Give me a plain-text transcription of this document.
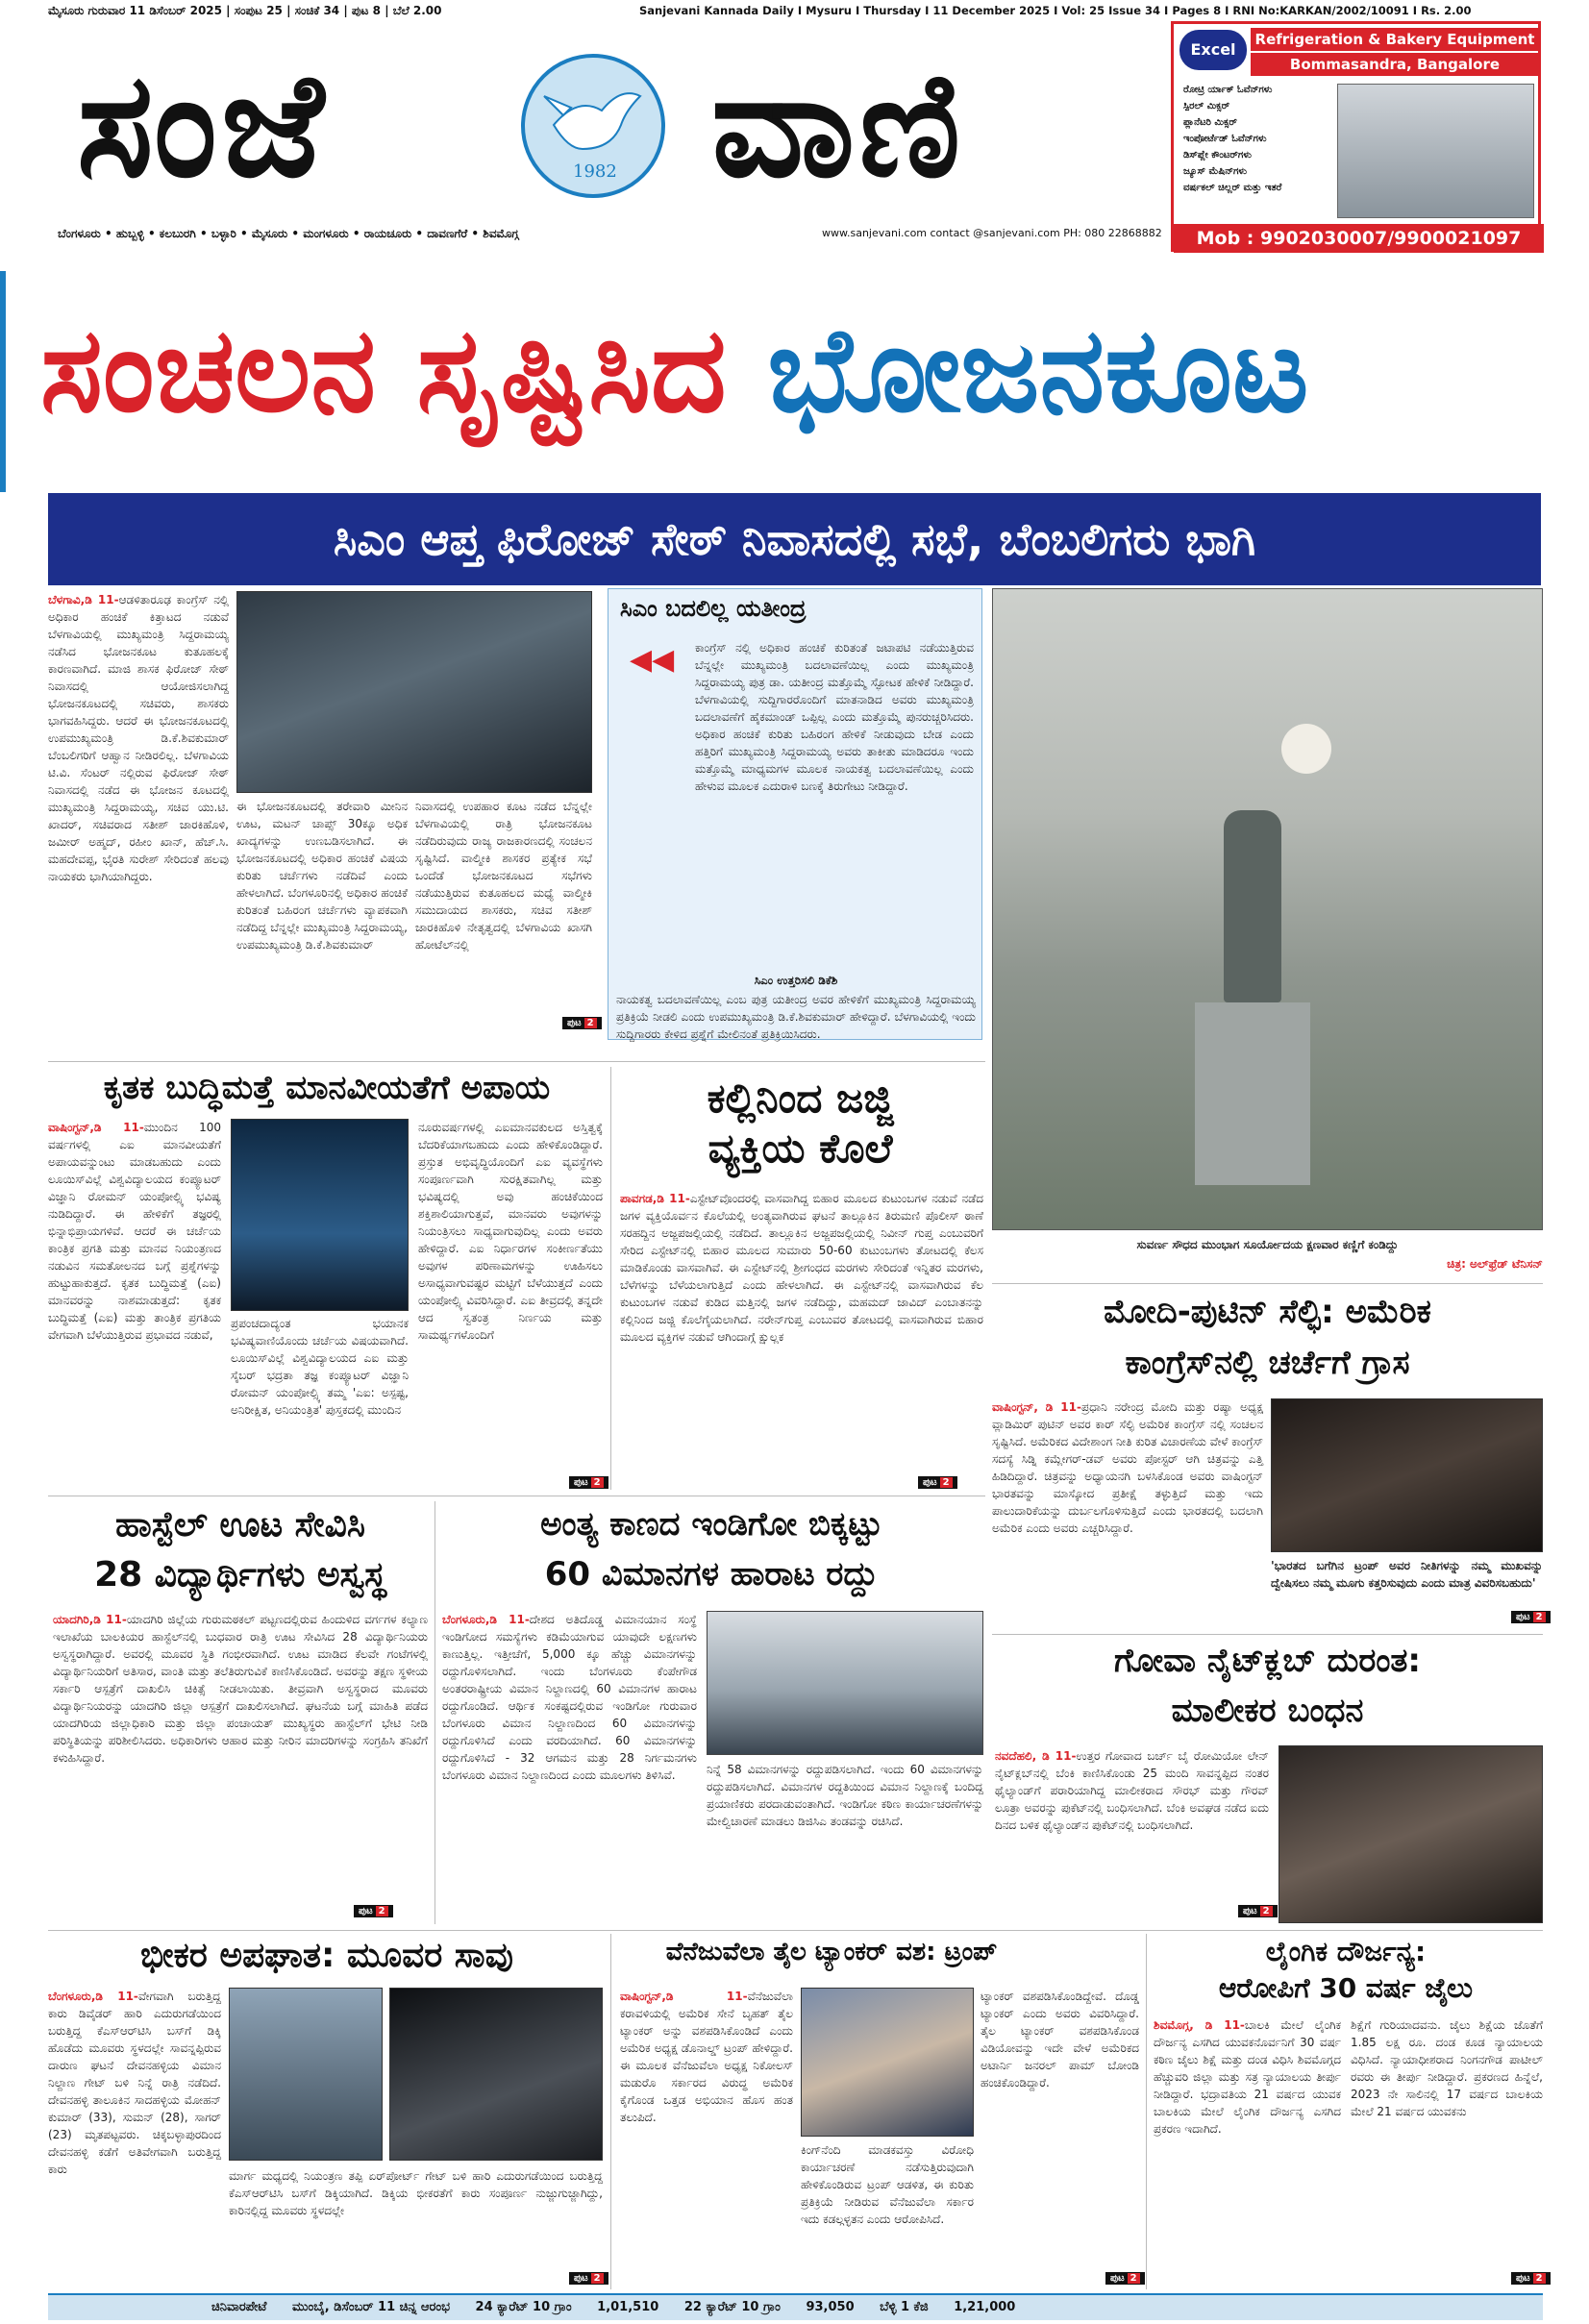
ಮೈಸೂರು ಗುರುವಾರ 11 ಡಿಸೆಂಬರ್ 2025 | ಸಂಪುಟ 25 | ಸಂಚಿಕೆ 34 | ಪುಟ 8 | ಬೆಲೆ 2.00	Sanjevani Kannada Daily I Mysuru I Thursday I 11 December 2025 I Vol: 25 Issue 34 I Pages 8 I RNI No:KARKAN/2002/10091 I Rs. 2.00
ಸಂಜೆ	1982 ವಾಣಿ
ಬೆಂಗಳೂರು • ಹುಬ್ಬಳ್ಳಿ • ಕಲಬುರಗಿ • ಬಳ್ಳಾರಿ • ಮೈಸೂರು • ಮಂಗಳೂರು • ರಾಯಚೂರು • ದಾವಣಗೆರೆ • ಶಿವಮೊಗ್ಗ	www.sanjevani.com contact @sanjevani.com PH: 080 22868882
Excel
Refrigeration & Bakery Equipment
Bommasandra, Bangalore
ರೋಟ್ರಿ ರ್ಯಾಕ್ ಓವೆನ್‌ಗಳು
ಸ್ಪಿರಲ್ ಮಿಕ್ಸರ್
ಪ್ಲಾನೆಟರಿ ಮಿಕ್ಸರ್
ಇಂಪೋರ್ಟೆಡ್ ಓವೆನ್‌ಗಳು
ಡಿಸ್‌ಪ್ಲೇ ಕೌಂಟರ್‌ಗಳು
ಜ್ಯೂಸ್ ಮೆಷಿನ್‌ಗಳು
ವರ್ಷಕಲ್ ಚಿಲ್ಲರ್ ಮತ್ತು ಇತರೆ
Mob : 9902030007/9900021097
ಸಂಚಲನ ಸೃಷ್ಟಿಸಿದ ಭೋಜನಕೂಟ
ಸಿಎಂ ಆಪ್ತ ಫಿರೋಜ್ ಸೇಠ್ ನಿವಾಸದಲ್ಲಿ ಸಭೆ, ಬೆಂಬಲಿಗರು ಭಾಗಿ
ಬೆಳಗಾವಿ,ಡಿ 11-ಆಡಳಿತಾರೂಢ ಕಾಂಗ್ರೆಸ್ ನಲ್ಲಿ ಅಧಿಕಾರ ಹಂಚಿಕೆ ಕಿತ್ತಾಟದ ನಡುವೆ ಬೆಳಗಾವಿಯಲ್ಲಿ ಮುಖ್ಯಮಂತ್ರಿ ಸಿದ್ದರಾಮಯ್ಯ ನಡೆಸಿದ ಭೋಜನಕೂಟ ಕುತೂಹಲಕ್ಕೆ ಕಾರಣವಾಗಿದೆ. ಮಾಜಿ ಶಾಸಕ ಫಿರೋಜ್ ಸೇಠ್ ನಿವಾಸದಲ್ಲಿ ಆಯೋಜಿಸಲಾಗಿದ್ದ ಭೋಜನಕೂಟದಲ್ಲಿ ಸಚಿವರು, ಶಾಸಕರು ಭಾಗವಹಿಸಿದ್ದರು. ಆದರೆ ಈ ಭೋಜನಕೂಟದಲ್ಲಿ ಉಪಮುಖ್ಯಮಂತ್ರಿ ಡಿ.ಕೆ.ಶಿವಕುಮಾರ್ ಬೆಂಬಲಿಗರಿಗೆ ಆಹ್ವಾನ ನೀಡಿರಲಿಲ್ಲ. ಬೆಳಗಾವಿಯ ಟಿ.ವಿ. ಸೆಂಟರ್ ನಲ್ಲಿರುವ ಫಿರೋಜ್ ಸೇಠ್ ನಿವಾಸದಲ್ಲಿ ನಡೆದ ಈ ಭೋಜನ ಕೂಟದಲ್ಲಿ ಮುಖ್ಯಮಂತ್ರಿ ಸಿದ್ದರಾಮಯ್ಯ, ಸಚಿವ ಯು.ಟಿ. ಖಾದರ್, ಸಚಿವರಾದ ಸತೀಶ್ ಜಾರಕಿಹೊಳಿ, ಜಮೀರ್ ಅಹ್ಮದ್, ರಹೀಂ ಖಾನ್, ಹೆಚ್.ಸಿ. ಮಹದೇವಪ್ಪ, ಭೈರತಿ ಸುರೇಶ್ ಸೇರಿದಂತೆ ಹಲವು ನಾಯಕರು ಭಾಗಿಯಾಗಿದ್ದರು.
ಈ ಭೋಜನಕೂಟದಲ್ಲಿ ತರೇವಾರಿ ಮೀನಿನ ಊಟ, ಮಟನ್ ಚಾಪ್ಸ್ 30ಕ್ಕೂ ಅಧಿಕ ಖಾದ್ಯಗಳನ್ನು ಉಣಬಡಿಸಲಾಗಿದೆ. ಈ ಭೋಜನಕೂಟದಲ್ಲಿ ಅಧಿಕಾರ ಹಂಚಿಕೆ ವಿಷಯ ಕುರಿತು ಚರ್ಚೆಗಳು ನಡೆದಿವೆ ಎಂದು ಹೇಳಲಾಗಿದೆ. ಬೆಂಗಳೂರಿನಲ್ಲಿ ಅಧಿಕಾರ ಹಂಚಿಕೆ ಕುರಿತಂತೆ ಬಹಿರಂಗ ಚರ್ಚೆಗಳು ವ್ಯಾಪಕವಾಗಿ ನಡೆದಿದ್ದ ಬೆನ್ನಲ್ಲೇ ಮುಖ್ಯಮಂತ್ರಿ ಸಿದ್ದರಾಮಯ್ಯ, ಉಪಮುಖ್ಯಮಂತ್ರಿ ಡಿ.ಕೆ.ಶಿವಕುಮಾರ್
ನಿವಾಸದಲ್ಲಿ ಉಪಹಾರ ಕೂಟ ನಡೆದ ಬೆನ್ನಲ್ಲೇ ಬೆಳಗಾವಿಯಲ್ಲಿ ರಾತ್ರಿ ಭೋಜನಕೂಟ ನಡೆದಿರುವುದು ರಾಜ್ಯ ರಾಜಕಾರಣದಲ್ಲಿ ಸಂಚಲನ ಸೃಷ್ಟಿಸಿದೆ. ವಾಲ್ಮೀಕಿ ಶಾಸಕರ ಪ್ರತ್ಯೇಕ ಸಭೆ ಒಂದೆಡೆ ಭೋಜನಕೂಟದ ಸಭೆಗಳು ನಡೆಯುತ್ತಿರುವ ಕುತೂಹಲದ ಮಧ್ಯೆ ವಾಲ್ಮೀಕಿ ಸಮುದಾಯದ ಶಾಸಕರು, ಸಚಿವ ಸತೀಶ್ ಜಾರಕಿಹೊಳಿ ನೇತೃತ್ವದಲ್ಲಿ ಬೆಳಗಾವಿಯ ಖಾಸಗಿ ಹೋಟೆಲ್‌ನಲ್ಲಿ
ಪುಟ 2
ಸಿಎಂ ಬದಲಿಲ್ಲ ಯತೀಂದ್ರ
◀◀ ಕಾಂಗ್ರೆಸ್ ನಲ್ಲಿ ಅಧಿಕಾರ ಹಂಚಿಕೆ ಕುರಿತಂತೆ ಜಟಾಪಟಿ ನಡೆಯುತ್ತಿರುವ ಬೆನ್ನಲ್ಲೇ ಮುಖ್ಯಮಂತ್ರಿ ಬದಲಾವಣೆಯಿಲ್ಲ ಎಂದು ಮುಖ್ಯಮಂತ್ರಿ ಸಿದ್ದರಾಮಯ್ಯ ಪುತ್ರ ಡಾ. ಯತೀಂದ್ರ ಮತ್ತೊಮ್ಮೆ ಸ್ಫೋಟಕ ಹೇಳಿಕೆ ನೀಡಿದ್ದಾರೆ. ಬೆಳಗಾವಿಯಲ್ಲಿ ಸುದ್ದಿಗಾರರೊಂದಿಗೆ ಮಾತನಾಡಿದ ಅವರು ಮುಖ್ಯಮಂತ್ರಿ ಬದಲಾವಣೆಗೆ ಹೈಕಮಾಂಡ್ ಒಪ್ಪಿಲ್ಲ ಎಂದು ಮತ್ತೊಮ್ಮೆ ಪುನರುಚ್ಚರಿಸಿದರು. ಅಧಿಕಾರ ಹಂಚಿಕೆ ಕುರಿತು ಬಹಿರಂಗ ಹೇಳಿಕೆ ನೀಡುವುದು ಬೇಡ ಎಂದು ಹತ್ತಿರಿಗೆ ಮುಖ್ಯಮಂತ್ರಿ ಸಿದ್ದರಾಮಯ್ಯ ಅವರು ತಾಕೀತು ಮಾಡಿದರೂ ಇಂದು ಮತ್ತೊಮ್ಮೆ ಮಾಧ್ಯಮಗಳ ಮೂಲಕ ನಾಯಕತ್ವ ಬದಲಾವಣೆಯಿಲ್ಲ ಎಂದು ಹೇಳುವ ಮೂಲಕ ಎದುರಾಳಿ ಬಣಕ್ಕೆ ತಿರುಗೇಟು ನೀಡಿದ್ದಾರೆ.
ಸಿಎಂ ಉತ್ತರಿಸಲಿ ಡಿಕೆಶಿ
ನಾಯಕತ್ವ ಬದಲಾವಣೆಯಿಲ್ಲ ಎಂಬ ಪುತ್ರ ಯತೀಂದ್ರ ಅವರ ಹೇಳಿಕೆಗೆ ಮುಖ್ಯಮಂತ್ರಿ ಸಿದ್ದರಾಮಯ್ಯ ಪ್ರತಿಕ್ರಿಯೆ ನೀಡಲಿ ಎಂದು ಉಪಮುಖ್ಯಮಂತ್ರಿ ಡಿ.ಕೆ.ಶಿವಕುಮಾರ್ ಹೇಳಿದ್ದಾರೆ. ಬೆಳಗಾವಿಯಲ್ಲಿ ಇಂದು ಸುದ್ದಿಗಾರರು ಕೇಳಿದ ಪ್ರಶ್ನೆಗೆ ಮೇಲಿನಂತೆ ಪ್ರತಿಕ್ರಿಯಿಸಿದರು.
ಸುವರ್ಣ ಸೌಧದ ಮುಂಭಾಗ ಸೂರ್ಯೋದಯ ಕ್ಷಣವಾರ ಕಣ್ಣಿಗೆ ಕಂಡಿದ್ದು
ಚಿತ್ರ: ಅಲ್‌ಫ್ರೆಡ್ ಟೆನಿಸನ್
ಕೃತಕ ಬುದ್ಧಿಮತ್ತೆ ಮಾನವೀಯತೆಗೆ ಅಪಾಯ
ವಾಷಿಂಗ್ಟನ್,ಡಿ 11-ಮುಂದಿನ 100 ವರ್ಷಗಳಲ್ಲಿ ಎಐ ಮಾನವೀಯತೆಗೆ ಅಪಾಯವನ್ನುಂಟು ಮಾಡಬಹುದು ಎಂದು ಲೂಯಿಸ್‌ವಿಲ್ಲೆ ವಿಶ್ವವಿದ್ಯಾಲಯದ ಕಂಪ್ಯೂಟರ್ ವಿಜ್ಞಾನಿ ರೋಮನ್ ಯಂಪೋಲ್ಸ್ಕಿ ಭವಿಷ್ಯ ನುಡಿದಿದ್ದಾರೆ. ಈ ಹೇಳಿಕೆಗೆ ತಜ್ಞರಲ್ಲಿ ಭಿನ್ನಾಭಿಪ್ರಾಯಗಳಿವೆ. ಆದರೆ ಈ ಚರ್ಚೆಯ ಕಾಂತ್ರಿಕ ಪ್ರಗತಿ ಮತ್ತು ಮಾನವ ನಿಯಂತ್ರಣದ ನಡುವಿನ ಸಮತೋಲನದ ಬಗ್ಗೆ ಪ್ರಶ್ನೆಗಳನ್ನು ಹುಟ್ಟುಹಾಕುತ್ತದೆ. ಕೃತಕ ಬುದ್ಧಿಮತ್ತೆ (ಎಐ) ಮಾನವರನ್ನು ನಾಶಮಾಡುತ್ತದೆ: ಕೃತಕ ಬುದ್ಧಿಮತ್ತೆ (ಎಐ) ಮತ್ತು ತಾಂತ್ರಿಕ ಪ್ರಗತಿಯ ವೇಗವಾಗಿ ಬೆಳೆಯುತ್ತಿರುವ ಪ್ರಭಾವದ ನಡುವೆ,
ಪ್ರಪಂಚದಾದ್ಯಂತ ಭಯಾನಕ ಭವಿಷ್ಯವಾಣಿಯೊಂದು ಚರ್ಚೆಯ ವಿಷಯವಾಗಿದೆ. ಲೂಯಿಸ್‌ವಿಲ್ಲೆ ವಿಶ್ವವಿದ್ಯಾಲಯದ ಎಐ ಮತ್ತು ಸೈಬರ್ ಭದ್ರತಾ ತಜ್ಞ ಕಂಪ್ಯೂಟರ್ ವಿಜ್ಞಾನಿ ರೋಮನ್ ಯಂಪೋಲ್ಸ್ಕಿ ತಮ್ಮ 'ಎಐ: ಅಸ್ಪಷ್ಟ, ಅನಿರೀಕ್ಷಿತ, ಅನಿಯಂತ್ರಿತ' ಪುಸ್ತಕದಲ್ಲಿ ಮುಂದಿನ
ನೂರುವರ್ಷಗಳಲ್ಲಿ ಎಐಮಾನವಕುಲದ ಅಸ್ತಿತ್ವಕ್ಕೆ ಬೆದರಿಕೆಯಾಗಬಹುದು ಎಂದು ಹೇಳಿಕೊಂಡಿದ್ದಾರೆ. ಪ್ರಸ್ತುತ ಅಭಿವೃದ್ಧಿಯೊಂದಿಗೆ ಎಐ ವ್ಯವಸ್ಥೆಗಳು ಸಂಪೂರ್ಣವಾಗಿ ಸುರಕ್ಷಿತವಾಗಿಲ್ಲ ಮತ್ತು ಭವಿಷ್ಯದಲ್ಲಿ ಅವು ಹಂಚಿಕೆಯಿಂದ ಶಕ್ತಿಶಾಲಿಯಾಗುತ್ತವೆ, ಮಾನವರು ಅವುಗಳನ್ನು ನಿಯಂತ್ರಿಸಲು ಸಾಧ್ಯವಾಗುವುದಿಲ್ಲ ಎಂದು ಅವರು ಹೇಳಿದ್ದಾರೆ. ಎಐ ನಿರ್ಧಾರಗಳ ಸಂಕೀರ್ಣತೆಯು ಅವುಗಳ ಪರಿಣಾಮಗಳನ್ನು ಊಹಿಸಲು ಅಸಾಧ್ಯವಾಗುವಷ್ಟರ ಮಟ್ಟಿಗೆ ಬೆಳೆಯುತ್ತದೆ ಎಂದು ಯಂಪೋಲ್ಸ್ಕಿ ವಿವರಿಸಿದ್ದಾರೆ. ಎಐ ತೀವ್ರದಲ್ಲಿ ತನ್ನದೇ ಆದ ಸ್ವತಂತ್ರ ನಿರ್ಣಯ ಮತ್ತು ಸಾಮರ್ಥ್ಯಗಳೊಂದಿಗೆ
ಪುಟ 2
ಕಲ್ಲಿನಿಂದ ಜಜ್ಜಿ
ವ್ಯಕ್ತಿಯ ಕೊಲೆ
ಪಾವಗಡ,ಡಿ 11-ಎಸ್ಟೇಟ್‌ವೊಂದರಲ್ಲಿ ವಾಸವಾಗಿದ್ದ ಬಿಹಾರ ಮೂಲದ ಕುಟುಂಬಗಳ ನಡುವೆ ನಡೆದ ಜಗಳ ವ್ಯಕ್ತಿಯೊರ್ವನ ಕೊಲೆಯಲ್ಲಿ ಅಂತ್ಯವಾಗಿರುವ ಘಟನೆ ತಾಲ್ಲೂಕಿನ ತಿರುಮಣಿ ಪೊಲೀಸ್ ಠಾಣೆ ಸರಹದ್ದಿನ ಅಜ್ಜಪಜಲ್ಲಿಯಲ್ಲಿ ನಡೆದಿದೆ. ತಾಲ್ಲೂಕಿನ ಅಜ್ಜಪಜಲ್ಲಿಯಲ್ಲಿ ನಿವೀನ್ ಗುಪ್ತ ಎಂಬುವರಿಗೆ ಸೇರಿದ ಎಸ್ಟೇಟ್‌ನಲ್ಲಿ ಬಿಹಾರ ಮೂಲದ ಸುಮಾರು 50-60 ಕುಟುಂಬಗಳು ತೋಟದಲ್ಲಿ ಕೆಲಸ ಮಾಡಿಕೊಂಡು ವಾಸವಾಗಿವೆ. ಈ ಎಸ್ಟೇಟ್‌ನಲ್ಲಿ ಶ್ರೀಗಂಧದ ಮರಗಳು ಸೇರಿದಂತೆ ಇನ್ನಿತರ ಮರಗಳು, ಬೆಳೆಗಳನ್ನು ಬೆಳೆಯಲಾಗುತ್ತಿದೆ ಎಂದು ಹೇಳಲಾಗಿದೆ. ಈ ಎಸ್ಟೇಟ್‌ನಲ್ಲಿ ವಾಸವಾಗಿರುವ ಕೆಲ ಕುಟುಂಬಗಳ ನಡುವೆ ಕುಡಿದ ಮತ್ತಿನಲ್ಲಿ ಜಗಳ ನಡೆದಿದ್ದು, ಮಹಮದ್ ಜಾವಿದ್ ಎಂಬಾತನನ್ನು ಕಲ್ಲಿನಿಂದ ಜಜ್ಜಿ ಕೊಲೆಗೈಯಲಾಗಿದೆ. ನರೇನ್‌ಗುಪ್ತ ಎಂಬುವರ ತೋಟದಲ್ಲಿ ವಾಸವಾಗಿರುವ ಬಿಹಾರ ಮೂಲದ ವ್ಯಕ್ತಿಗಳ ನಡುವೆ ಆಗಿಂದಾಗ್ಗೆ ಕ್ಷುಲ್ಲಕ
ಪುಟ 2
ಮೋದಿ-ಪುಟಿನ್ ಸೆಲ್ಫಿ: ಅಮೆರಿಕ
ಕಾಂಗ್ರೆಸ್‌ನಲ್ಲಿ ಚರ್ಚೆಗೆ ಗ್ರಾಸ
ವಾಷಿಂಗ್ಟನ್, ಡಿ 11-ಪ್ರಧಾನಿ ನರೇಂದ್ರ ಮೋದಿ ಮತ್ತು ರಷ್ಯಾ ಅಧ್ಯಕ್ಷ ವ್ಲಾಡಿಮಿರ್ ಪುಟಿನ್ ಅವರ ಕಾರ್ ಸೆಲ್ಫಿ ಅಮೆರಿಕ ಕಾಂಗ್ರೆಸ್ ನಲ್ಲಿ ಸಂಚಲನ ಸೃಷ್ಟಿಸಿದೆ. ಅಮೆರಿಕದ ವಿದೇಶಾಂಗ ನೀತಿ ಕುರಿತ ವಿಚಾರಣೆಯ ವೇಳೆ ಕಾಂಗ್ರೆಸ್ ಸದಸ್ಯೆ ಸಿಡ್ನಿ ಕಮ್ಲೇಗರ್-ಡವ್ ಅವರು ಪೋಸ್ಟರ್ ಆಗಿ ಚಿತ್ರವನ್ನು ಎತ್ತಿ ಹಿಡಿದಿದ್ದಾರೆ. ಚಿತ್ರವನ್ನು ಅಧ್ಯಾಯನಗಿ ಬಳಸಿಕೊಂಡ ಅವರು ವಾಷಿಂಗ್ಟನ್ ಭಾರತವನ್ನು ಮಾಸ್ಕೋದ ಪ್ರತೀಕ್ಷೆ ತಳ್ಳುತ್ತಿದೆ ಮತ್ತು ಇದು ಪಾಲುದಾರಿಕೆಯನ್ನು ದುರ್ಬಲಗೊಳಿಸುತ್ತಿದೆ ಎಂದು ಭಾರತದಲ್ಲಿ ಬದಲಾಗಿ ಅಮೆರಿಕ ಎಂದು ಅವರು ಎಚ್ಚರಿಸಿದ್ದಾರೆ.
'ಭಾರತದ ಬಗೆಗಿನ ಟ್ರಂಪ್ ಅವರ ನೀತಿಗಳನ್ನು ನಮ್ಮ ಮುಖವನ್ನು ದ್ವೇಷಿಸಲು ನಮ್ಮ ಮೂಗು ಕತ್ತರಿಸುವುದು ಎಂದು ಮಾತ್ರ ವಿವರಿಸಬಹುದು'
ಪುಟ 2
ಹಾಸ್ಟೆಲ್ ಊಟ ಸೇವಿಸಿ
28 ವಿದ್ಯಾರ್ಥಿಗಳು ಅಸ್ವಸ್ಥ
ಯಾದಗಿರಿ,ಡಿ 11-ಯಾದಗಿರಿ ಜಿಲ್ಲೆಯ ಗುರುಮಠಕಲ್ ಪಟ್ಟಣದಲ್ಲಿರುವ ಹಿಂದುಳಿದ ವರ್ಗಗಳ ಕಲ್ಯಾಣ ಇಲಾಖೆಯ ಬಾಲಕಿಯರ ಹಾಸ್ಟೆಲ್‌ನಲ್ಲಿ ಬುಧವಾರ ರಾತ್ರಿ ಊಟ ಸೇವಿಸಿದ 28 ವಿದ್ಯಾರ್ಥಿನಿಯರು ಅಸ್ವಸ್ಥರಾಗಿದ್ದಾರೆ. ಅವರಲ್ಲಿ ಮೂವರ ಸ್ಥಿತಿ ಗಂಭೀರವಾಗಿದೆ. ಊಟ ಮಾಡಿದ ಕೆಲವೇ ಗಂಟೆಗಳಲ್ಲಿ ವಿದ್ಯಾರ್ಥಿನಿಯರಿಗೆ ಅತಿಸಾರ, ವಾಂತಿ ಮತ್ತು ತಲೆತಿರುಗುವಿಕೆ ಕಾಣಿಸಿಕೊಂಡಿದೆ. ಅವರನ್ನು ತಕ್ಷಣ ಸ್ಥಳೀಯ ಸರ್ಕಾರಿ ಆಸ್ಪತ್ರೆಗೆ ದಾಖಲಿಸಿ ಚಿಕಿತ್ಸೆ ನೀಡಲಾಯಿತು. ತೀವ್ರವಾಗಿ ಅಸ್ವಸ್ಥರಾದ ಮೂವರು ವಿದ್ಯಾರ್ಥಿನಿಯರನ್ನು ಯಾದಗಿರಿ ಜಿಲ್ಲಾ ಆಸ್ಪತ್ರೆಗೆ ದಾಖಲಿಸಲಾಗಿದೆ. ಘಟನೆಯ ಬಗ್ಗೆ ಮಾಹಿತಿ ಪಡೆದ ಯಾದಗಿರಿಯ ಜಿಲ್ಲಾಧಿಕಾರಿ ಮತ್ತು ಜಿಲ್ಲಾ ಪಂಚಾಯತ್ ಮುಖ್ಯಸ್ಥರು ಹಾಸ್ಟೆಲ್‌ಗೆ ಭೇಟಿ ನೀಡಿ ಪರಿಸ್ಥಿತಿಯನ್ನು ಪರಿಶೀಲಿಸಿದರು. ಅಧಿಕಾರಿಗಳು ಆಹಾರ ಮತ್ತು ನೀರಿನ ಮಾದರಿಗಳನ್ನು ಸಂಗ್ರಹಿಸಿ ತನಿಖೆಗೆ ಕಳುಹಿಸಿದ್ದಾರೆ.
ಪುಟ 2
ಅಂತ್ಯ ಕಾಣದ ಇಂಡಿಗೋ ಬಿಕ್ಕಟ್ಟು
60 ವಿಮಾನಗಳ ಹಾರಾಟ ರದ್ದು
ಬೆಂಗಳೂರು,ಡಿ 11-ದೇಶದ ಅತಿದೊಡ್ಡ ವಿಮಾನಯಾನ ಸಂಸ್ಥೆ ಇಂಡಿಗೋದ ಸಮಸ್ಯೆಗಳು ಕಡಿಮೆಯಾಗುವ ಯಾವುದೇ ಲಕ್ಷಣಗಳು ಕಾಣುತ್ತಿಲ್ಲ. ಇತ್ತೀಚೆಗೆ, 5,000 ಕ್ಕೂ ಹೆಚ್ಚು ವಿಮಾನಗಳನ್ನು ರದ್ದುಗೊಳಿಸಲಾಗಿದೆ. ಇಂದು ಬೆಂಗಳೂರು ಕೆಂಪೇಗೌಡ ಅಂತರರಾಷ್ಟ್ರೀಯ ವಿಮಾನ ನಿಲ್ದಾಣದಲ್ಲಿ 60 ವಿಮಾನಗಳ ಹಾರಾಟ ರದ್ದುಗೊಂಡಿದೆ. ಆರ್ಥಿಕ ಸಂಕಷ್ಟದಲ್ಲಿರುವ ಇಂಡಿಗೋ ಗುರುವಾರ ಬೆಂಗಳೂರು ವಿಮಾನ ನಿಲ್ದಾಣದಿಂದ 60 ವಿಮಾನಗಳನ್ನು ರದ್ದುಗೊಳಿಸಿದೆ ಎಂದು ವರದಿಯಾಗಿದೆ. 60 ವಿಮಾನಗಳನ್ನು ರದ್ದುಗೊಳಿಸಿದೆ - 32 ಆಗಮನ ಮತ್ತು 28 ನಿರ್ಗಮನಗಳು ಬೆಂಗಳೂರು ವಿಮಾನ ನಿಲ್ದಾಣದಿಂದ ಎಂದು ಮೂಲಗಳು ತಿಳಿಸಿವೆ.	ನಿನ್ನೆ 58 ವಿಮಾನಗಳನ್ನು ರದ್ದುಪಡಿಸಲಾಗಿದೆ. ಇಂದು 60 ವಿಮಾನಗಳನ್ನು ರದ್ದುಪಡಿಸಲಾಗಿದೆ. ವಿಮಾನಗಳ ರದ್ದತಿಯಿಂದ ವಿಮಾನ ನಿಲ್ದಾಣಕ್ಕೆ ಬಂದಿದ್ದ ಪ್ರಯಾಣಿಕರು ಪರದಾಡುವಂತಾಗಿದೆ. ಇಂಡಿಗೋ ಕಠಿಣ ಕಾರ್ಯಾಚರಣೆಗಳನ್ನು ಮೇಲ್ವಿಚಾರಣೆ ಮಾಡಲು ಡಿಜಿಸಿಎ ತಂಡವನ್ನು ರಚಿಸಿದೆ.
ಗೋವಾ ನೈಟ್‌ಕ್ಲಬ್ ದುರಂತ:
ಮಾಲೀಕರ ಬಂಧನ
ನವದೆಹಲಿ, ಡಿ 11-ಉತ್ತರ ಗೋವಾದ ಬರ್ಚ್ ಬೈ ರೋಮಿಯೋ ಲೇನ್ ನೈಟ್‌ಕ್ಲಬ್‌ನಲ್ಲಿ ಬೆಂಕಿ ಕಾಣಿಸಿಕೊಂಡು 25 ಮಂದಿ ಸಾವನ್ನಪ್ಪಿದ ನಂತರ ಥೈಲ್ಯಾಂಡ್‌ಗೆ ಪರಾರಿಯಾಗಿದ್ದ ಮಾಲೀಕರಾದ ಸೌರಭ್ ಮತ್ತು ಗೌರವ್ ಲೂತ್ರಾ ಅವರನ್ನು ಪುಕೆಟ್‌ನಲ್ಲಿ ಬಂಧಿಸಲಾಗಿದೆ. ಬೆಂಕಿ ಅವಘಡ ನಡೆದ ಐದು ದಿನದ ಬಳಿಕ ಥೈಲ್ಯಾಂಡ್‌ನ ಪುಕೆಟ್‌ನಲ್ಲಿ ಬಂಧಿಸಲಾಗಿದೆ.
ಪುಟ 2
ಭೀಕರ ಅಪಘಾತ: ಮೂವರ ಸಾವು
ಬೆಂಗಳೂರು,ಡಿ 11-ವೇಗವಾಗಿ ಬರುತ್ತಿದ್ದ ಕಾರು ಡಿವೈಡರ್ ಹಾರಿ ಎದುರುಗಡೆಯಿಂದ ಬರುತ್ತಿದ್ದ ಕೆಎಸ್‌ಆರ್‌ಟಿಸಿ ಬಸ್‌ಗೆ ಡಿಕ್ಕಿ ಹೊಡೆದು ಮೂವರು ಸ್ಥಳದಲ್ಲೇ ಸಾವನ್ನಪ್ಪಿರುವ ದಾರುಣ ಘಟನೆ ದೇವನಹಳ್ಳಿಯ ವಿಮಾನ ನಿಲ್ದಾಣ ಗೇಟ್ ಬಳಿ ನಿನ್ನೆ ರಾತ್ರಿ ನಡೆದಿದೆ. ದೇವನಹಳ್ಳಿ ತಾಲೂಕಿನ ಸಾದಹಳ್ಳಿಯ ಮೋಹನ್ ಕುಮಾರ್ (33), ಸುಮನ್ (28), ಸಾಗರ್ (23) ಮೃತಪಟ್ಟವರು. ಚಿಕ್ಕಬಳ್ಳಾಪುರದಿಂದ ದೇವನಹಳ್ಳಿ ಕಡೆಗೆ ಅತಿವೇಗವಾಗಿ ಬರುತ್ತಿದ್ದ ಕಾರು	ಮಾರ್ಗ ಮಧ್ಯದಲ್ಲಿ ನಿಯಂತ್ರಣ ತಪ್ಪಿ ಏರ್‌ಪೋರ್ಟ್ ಗೇಟ್ ಬಳಿ ಹಾರಿ ಎದುರುಗಡೆಯಿಂದ ಬರುತ್ತಿದ್ದ ಕೆಎಸ್‌ಆರ್‌ಟಿಸಿ ಬಸ್‌ಗೆ ಡಿಕ್ಕಿಯಾಗಿದೆ. ಡಿಕ್ಕಿಯ ಭೀಕರತೆಗೆ ಕಾರು ಸಂಪೂರ್ಣ ನುಜ್ಜುಗುಜ್ಜಾಗಿದ್ದು, ಕಾರಿನಲ್ಲಿದ್ದ ಮೂವರು ಸ್ಥಳದಲ್ಲೇ
ಪುಟ 2
ವೆನೆಜುವೆಲಾ ತೈಲ ಟ್ಯಾಂಕರ್ ವಶ: ಟ್ರಂಪ್
ವಾಷಿಂಗ್ಟನ್,ಡಿ 11-ವೆನೆಜುವೆಲಾ ಕರಾವಳಿಯಲ್ಲಿ ಅಮೆರಿಕ ಸೇನೆ ಬೃಹತ್ ತೈಲ ಟ್ಯಾಂಕರ್ ಅನ್ನು ವಶಪಡಿಸಿಕೊಂಡಿದೆ ಎಂದು ಅಮೆರಿಕ ಅಧ್ಯಕ್ಷ ಡೊನಾಲ್ಡ್ ಟ್ರಂಪ್ ಹೇಳಿದ್ದಾರೆ. ಈ ಮೂಲಕ ವೆನೆಜುವೆಲಾ ಅಧ್ಯಕ್ಷ ನಿಕೋಲಸ್ ಮಡುರೊ ಸರ್ಕಾರದ ವಿರುದ್ಧ ಅಮೆರಿಕ ಕೈಗೊಂಡ ಒತ್ತಡ ಅಭಿಯಾನ ಹೊಸ ಹಂತ ತಲುಪಿದೆ.
ಕಿಂಗ್‌ನೆಂದಿ ಮಾಡಕವಸ್ತು ವಿರೋಧಿ ಕಾರ್ಯಾಚರಣೆ ನಡೆಸುತ್ತಿರುವುದಾಗಿ ಹೇಳಿಕೊಂಡಿರುವ ಟ್ರಂಪ್ ಆಡಳಿತ, ಈ ಕುರಿತು ಪ್ರತಿಕ್ರಿಯೆ ನೀಡಿರುವ ವೆನೆಜುವೆಲಾ ಸರ್ಕಾರ ಇದು ಕಡಲ್ಗಳ್ಳತನ ಎಂದು ಆರೋಪಿಸಿದೆ.
ಟ್ಯಾಂಕರ್ ವಶಪಡಿಸಿಕೊಂಡಿದ್ದೇವೆ. ದೊಡ್ಡ ಟ್ಯಾಂಕರ್ ಎಂದು ಅವರು ವಿವರಿಸಿದ್ದಾರೆ. ತೈಲ ಟ್ಯಾಂಕರ್ ವಶಪಡಿಸಿಕೊಂಡ ವಿಡಿಯೋವನ್ನು ಇದೇ ವೇಳೆ ಅಮೆರಿಕದ ಅಟಾರ್ನಿ ಜನರಲ್ ಪಾಮ್ ಬೋಂಡಿ ಹಂಚಿಕೊಂಡಿದ್ದಾರೆ.
ಪುಟ 2
ಲೈಂಗಿಕ ದೌರ್ಜನ್ಯ:
ಆರೋಪಿಗೆ 30 ವರ್ಷ ಜೈಲು
ಶಿವಮೊಗ್ಗ, ಡಿ 11-ಬಾಲಕಿ ಮೇಲೆ ಲೈಂಗಿಕ ದೌರ್ಜನ್ಯ ಎಸಗಿದ ಯುವಕನೊರ್ವನಿಗೆ 30 ವರ್ಷ ಕಠಿಣ ಜೈಲು ಶಿಕ್ಷೆ ಮತ್ತು ದಂಡ ವಿಧಿಸಿ ಶಿವಮೊಗ್ಗದ ಹೆಚ್ಚುವರಿ ಜಿಲ್ಲಾ ಮತ್ತು ಸತ್ರ ನ್ಯಾಯಾಲಯ ತೀರ್ಪು ನೀಡಿದ್ದಾರೆ. ಭದ್ರಾವತಿಯ 21 ವರ್ಷದ ಯುವಕ ಬಾಲಕಿಯ ಮೇಲೆ ಲೈಂಗಿಕ ದೌರ್ಜನ್ಯ ಎಸಗಿದ ಪ್ರಕರಣ ಇದಾಗಿದೆ.
ಶಿಕ್ಷೆಗೆ ಗುರಿಯಾದವನು. ಜೈಲು ಶಿಕ್ಷೆಯ ಜೊತೆಗೆ 1.85 ಲಕ್ಷ ರೂ. ದಂಡ ಕೂಡ ನ್ಯಾಯಾಲಯ ವಿಧಿಸಿದೆ. ನ್ಯಾಯಾಧೀಶರಾದ ನಿಂಗನಗೌಡ ಪಾಟೀಲ್ ರವರು ಈ ತೀರ್ಪು ನೀಡಿದ್ದಾರೆ. ಪ್ರಕರಣದ ಹಿನ್ನೆಲೆ, 2023 ನೇ ಸಾಲಿನಲ್ಲಿ 17 ವರ್ಷದ ಬಾಲಕಿಯ ಮೇಲೆ 21 ವರ್ಷದ ಯುವಕನು
ಪುಟ 2
ಚಿನಿವಾರಪೇಟೆ ಮುಂಬೈ, ಡಿಸೆಂಬರ್ 11 ಚಿನ್ನ ಆರಂಭ 24 ಕ್ಯಾರೆಟ್ 10 ಗ್ರಾಂ 1,01,510 22 ಕ್ಯಾರೆಟ್ 10 ಗ್ರಾಂ 93,050 ಬೆಳ್ಳಿ 1 ಕೆಜಿ 1,21,000
